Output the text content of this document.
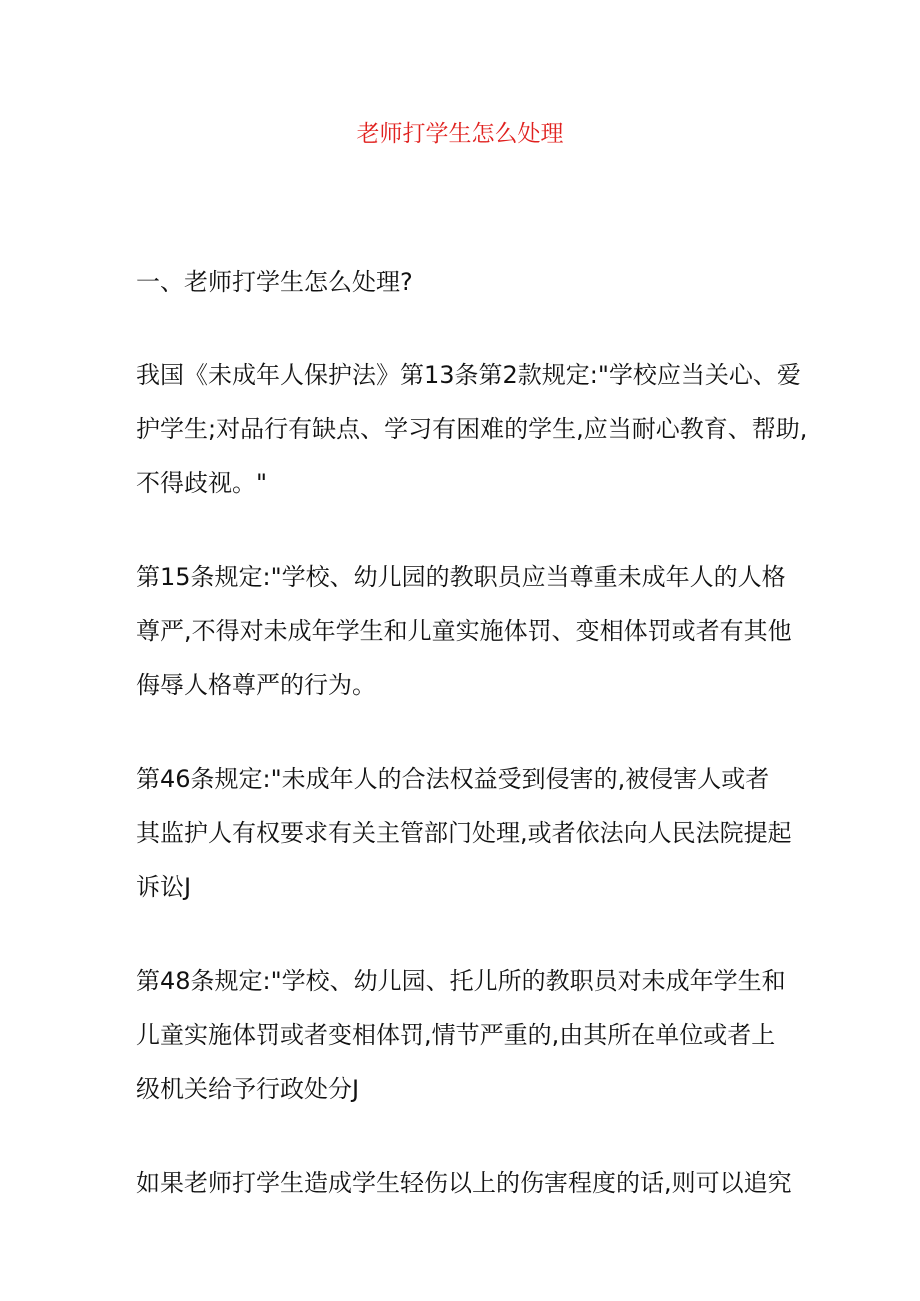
老师打学生怎么处理
一、老师打学生怎么处理?
我国《未成年人保护法》第13条第2款规定:"学校应当关心、爱
护学生;对品行有缺点、学习有困难的学生,应当耐心教育、帮助,
不得歧视。"
第15条规定:"学校、幼儿园的教职员应当尊重未成年人的人格
尊严,不得对未成年学生和儿童实施体罚、变相体罚或者有其他
侮辱人格尊严的行为。
第46条规定:"未成年人的合法权益受到侵害的,被侵害人或者
其监护人有权要求有关主管部门处理,或者依法向人民法院提起
诉讼J
第48条规定:"学校、幼儿园、托儿所的教职员对未成年学生和
儿童实施体罚或者变相体罚,情节严重的,由其所在单位或者上
级机关给予行政处分J
如果老师打学生造成学生轻伤以上的伤害程度的话,则可以追究
